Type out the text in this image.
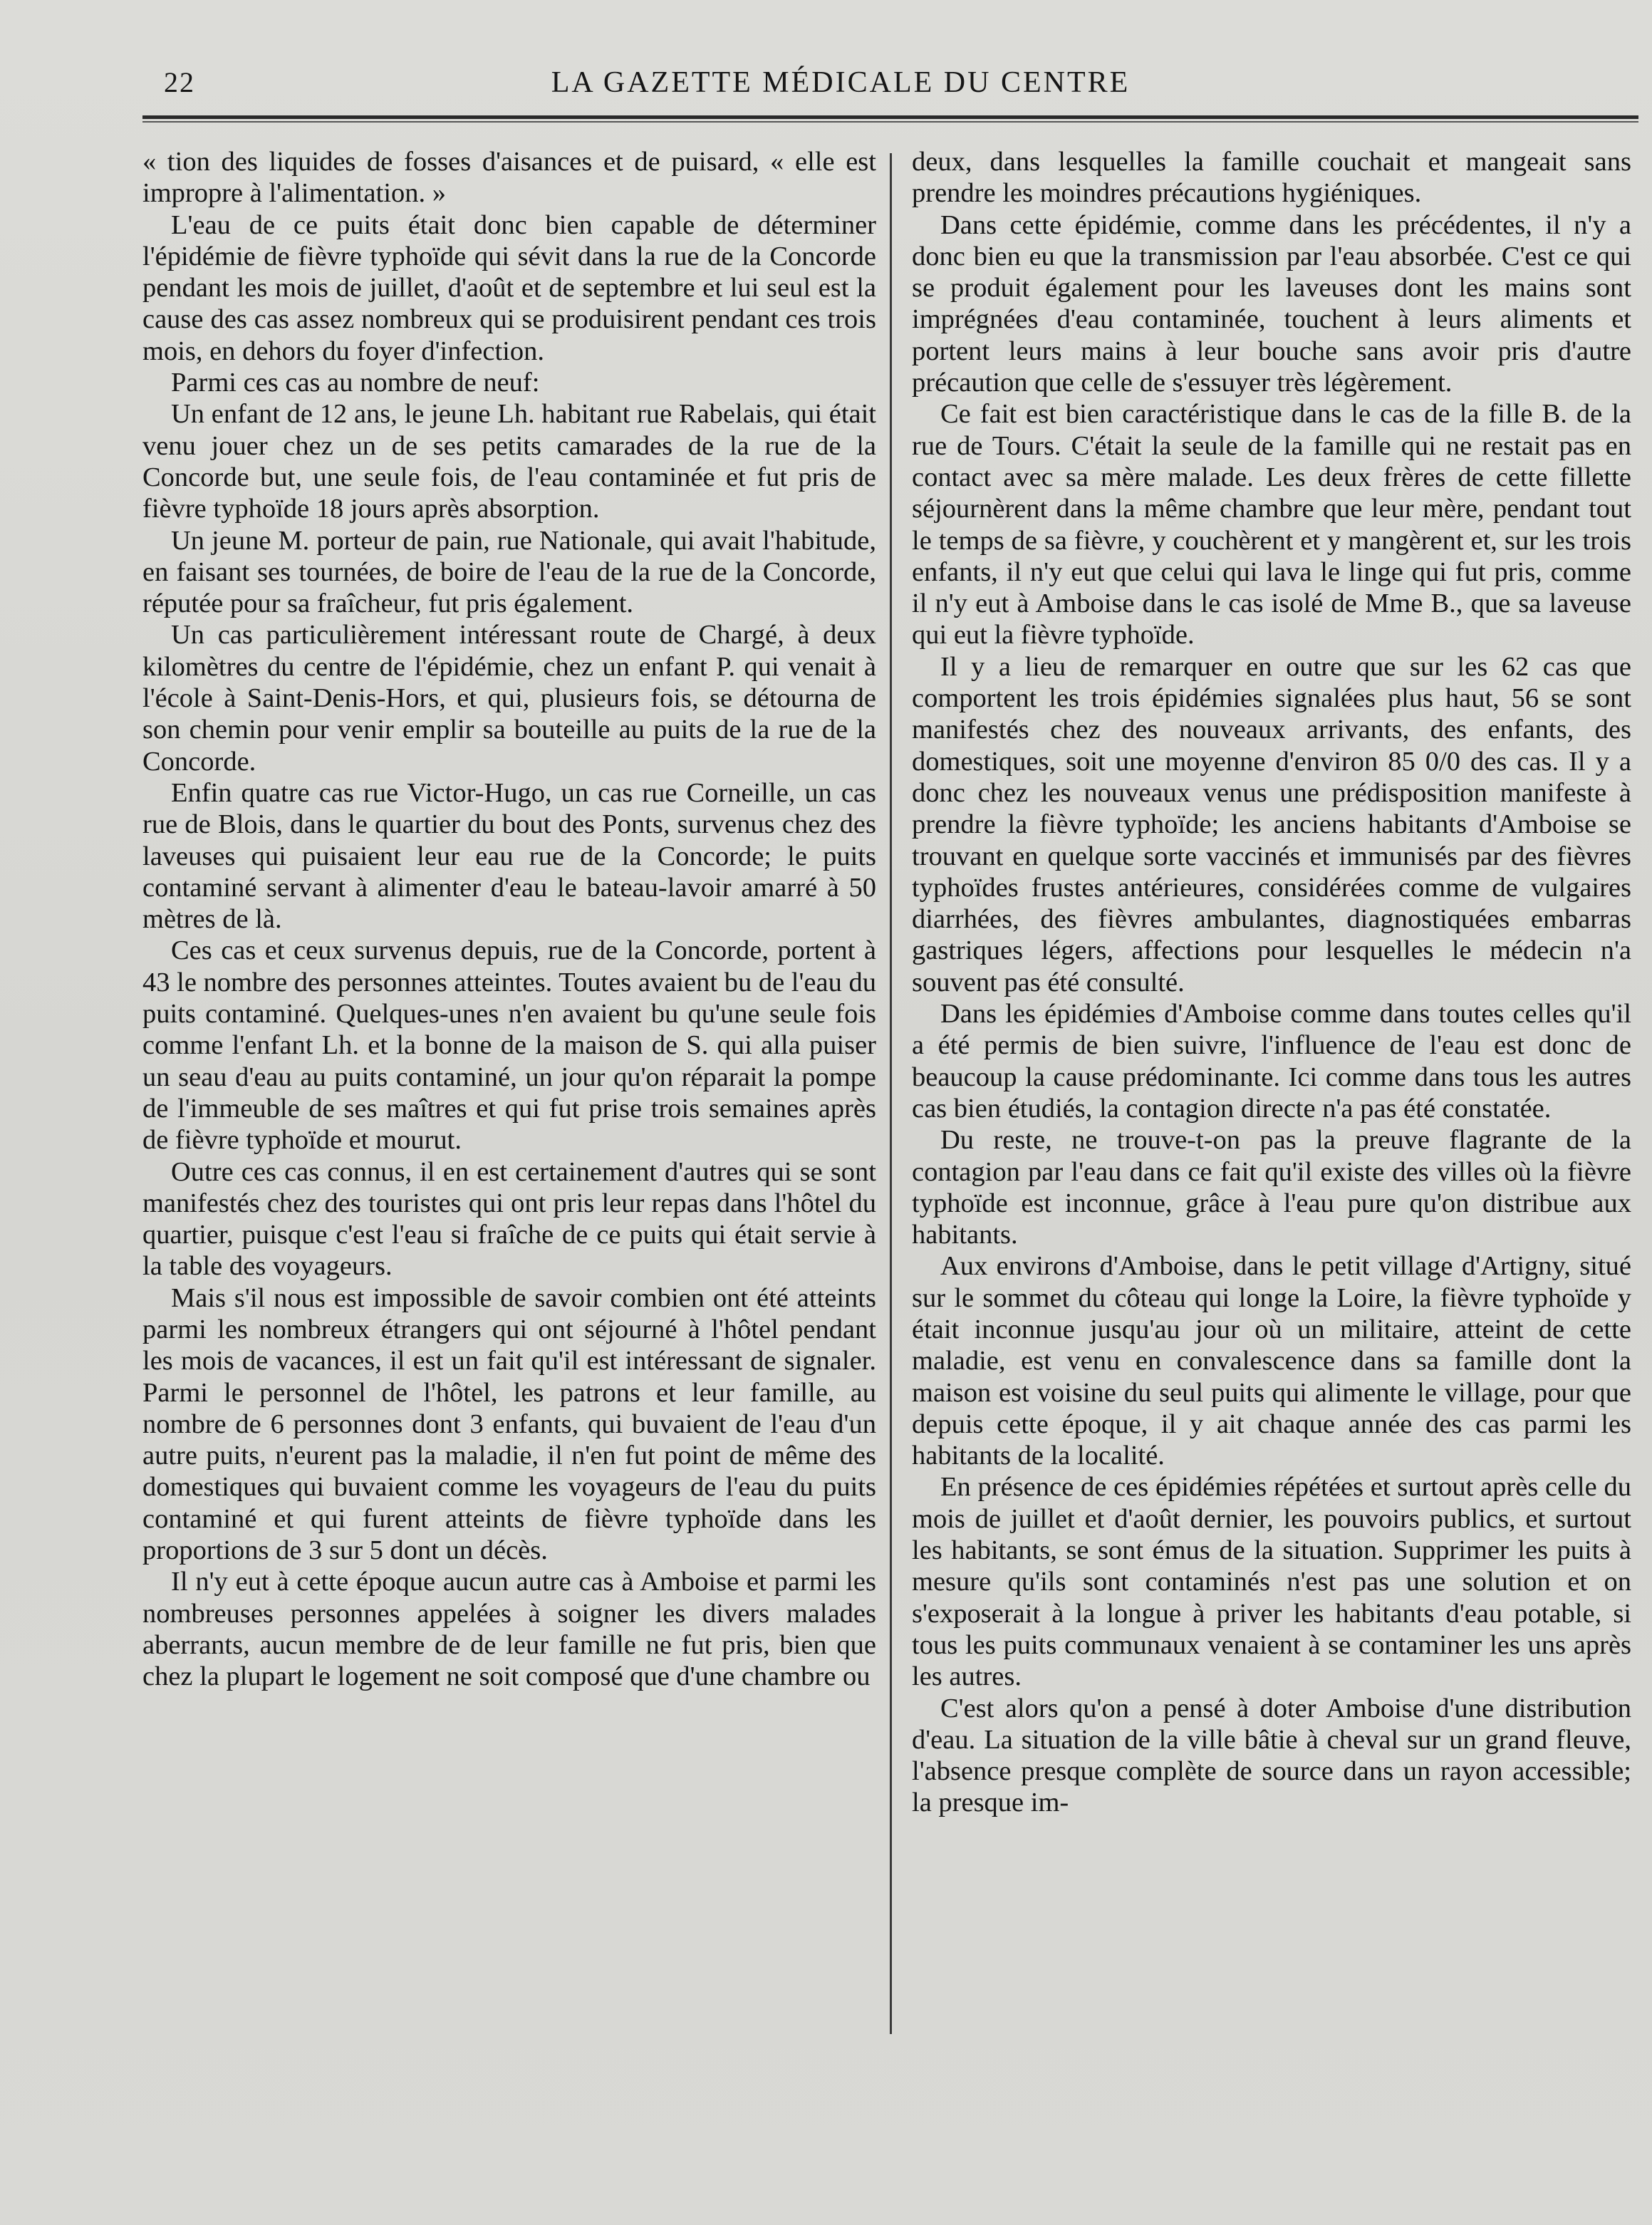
22	LA GAZETTE MÉDICALE DU CENTRE

« tion des liquides de fosses d'aisances et de puisard, « elle est impropre à l'alimentation. »

L'eau de ce puits était donc bien capable de déterminer l'épidémie de fièvre typhoïde qui sévit dans la rue de la Concorde pendant les mois de juillet, d'août et de septembre et lui seul est la cause des cas assez nombreux qui se produisirent pendant ces trois mois, en dehors du foyer d'infection.

Parmi ces cas au nombre de neuf:

Un enfant de 12 ans, le jeune Lh. habitant rue Rabelais, qui était venu jouer chez un de ses petits camarades de la rue de la Concorde but, une seule fois, de l'eau contaminée et fut pris de fièvre typhoïde 18 jours après absorption.

Un jeune M. porteur de pain, rue Nationale, qui avait l'habitude, en faisant ses tournées, de boire de l'eau de la rue de la Concorde, réputée pour sa fraîcheur, fut pris également.

Un cas particulièrement intéressant route de Chargé, à deux kilomètres du centre de l'épidémie, chez un enfant P. qui venait à l'école à Saint-Denis-Hors, et qui, plusieurs fois, se détourna de son chemin pour venir emplir sa bouteille au puits de la rue de la Concorde.

Enfin quatre cas rue Victor-Hugo, un cas rue Corneille, un cas rue de Blois, dans le quartier du bout des Ponts, survenus chez des laveuses qui puisaient leur eau rue de la Concorde; le puits contaminé servant à alimenter d'eau le bateau-lavoir amarré à 50 mètres de là.

Ces cas et ceux survenus depuis, rue de la Concorde, portent à 43 le nombre des personnes atteintes. Toutes avaient bu de l'eau du puits contaminé. Quelques-unes n'en avaient bu qu'une seule fois comme l'enfant Lh. et la bonne de la maison de S. qui alla puiser un seau d'eau au puits contaminé, un jour qu'on réparait la pompe de l'immeuble de ses maîtres et qui fut prise trois semaines après de fièvre typhoïde et mourut.

Outre ces cas connus, il en est certainement d'autres qui se sont manifestés chez des touristes qui ont pris leur repas dans l'hôtel du quartier, puisque c'est l'eau si fraîche de ce puits qui était servie à la table des voyageurs.

Mais s'il nous est impossible de savoir combien ont été atteints parmi les nombreux étrangers qui ont séjourné à l'hôtel pendant les mois de vacances, il est un fait qu'il est intéressant de signaler. Parmi le personnel de l'hôtel, les patrons et leur famille, au nombre de 6 personnes dont 3 enfants, qui buvaient de l'eau d'un autre puits, n'eurent pas la maladie, il n'en fut point de même des domestiques qui buvaient comme les voyageurs de l'eau du puits contaminé et qui furent atteints de fièvre typhoïde dans les proportions de 3 sur 5 dont un décès.

Il n'y eut à cette époque aucun autre cas à Amboise et parmi les nombreuses personnes appelées à soigner les divers malades aberrants, aucun membre de de leur famille ne fut pris, bien que chez la plupart le logement ne soit composé que d'une chambre ou

deux, dans lesquelles la famille couchait et mangeait sans prendre les moindres précautions hygiéniques.

Dans cette épidémie, comme dans les précédentes, il n'y a donc bien eu que la transmission par l'eau absorbée. C'est ce qui se produit également pour les laveuses dont les mains sont imprégnées d'eau contaminée, touchent à leurs aliments et portent leurs mains à leur bouche sans avoir pris d'autre précaution que celle de s'essuyer très légèrement.

Ce fait est bien caractéristique dans le cas de la fille B. de la rue de Tours. C'était la seule de la famille qui ne restait pas en contact avec sa mère malade. Les deux frères de cette fillette séjournèrent dans la même chambre que leur mère, pendant tout le temps de sa fièvre, y couchèrent et y mangèrent et, sur les trois enfants, il n'y eut que celui qui lava le linge qui fut pris, comme il n'y eut à Amboise dans le cas isolé de Mme B., que sa laveuse qui eut la fièvre typhoïde.

Il y a lieu de remarquer en outre que sur les 62 cas que comportent les trois épidémies signalées plus haut, 56 se sont manifestés chez des nouveaux arrivants, des enfants, des domestiques, soit une moyenne d'environ 85 0/0 des cas. Il y a donc chez les nouveaux venus une prédisposition manifeste à prendre la fièvre typhoïde; les anciens habitants d'Amboise se trouvant en quelque sorte vaccinés et immunisés par des fièvres typhoïdes frustes antérieures, considérées comme de vulgaires diarrhées, des fièvres ambulantes, diagnostiquées embarras gastriques légers, affections pour lesquelles le médecin n'a souvent pas été consulté.

Dans les épidémies d'Amboise comme dans toutes celles qu'il a été permis de bien suivre, l'influence de l'eau est donc de beaucoup la cause prédominante. Ici comme dans tous les autres cas bien étudiés, la contagion directe n'a pas été constatée.

Du reste, ne trouve-t-on pas la preuve flagrante de la contagion par l'eau dans ce fait qu'il existe des villes où la fièvre typhoïde est inconnue, grâce à l'eau pure qu'on distribue aux habitants.

Aux environs d'Amboise, dans le petit village d'Artigny, situé sur le sommet du côteau qui longe la Loire, la fièvre typhoïde y était inconnue jusqu'au jour où un militaire, atteint de cette maladie, est venu en convalescence dans sa famille dont la maison est voisine du seul puits qui alimente le village, pour que depuis cette époque, il y ait chaque année des cas parmi les habitants de la localité.

En présence de ces épidémies répétées et surtout après celle du mois de juillet et d'août dernier, les pouvoirs publics, et surtout les habitants, se sont émus de la situation. Supprimer les puits à mesure qu'ils sont contaminés n'est pas une solution et on s'exposerait à la longue à priver les habitants d'eau potable, si tous les puits communaux venaient à se contaminer les uns après les autres.

C'est alors qu'on a pensé à doter Amboise d'une distribution d'eau. La situation de la ville bâtie à cheval sur un grand fleuve, l'absence presque complète de source dans un rayon accessible; la presque im-
